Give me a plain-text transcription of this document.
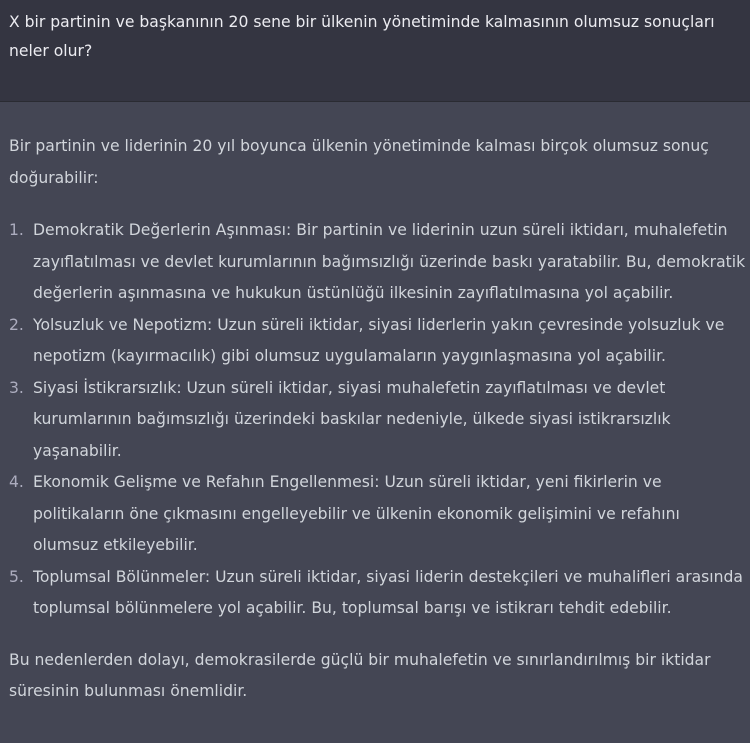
X bir partinin ve başkanının 20 sene bir ülkenin yönetiminde kalmasının olumsuz sonuçları neler olur?

Bir partinin ve liderinin 20 yıl boyunca ülkenin yönetiminde kalması birçok olumsuz sonuç doğurabilir:

1. Demokratik Değerlerin Aşınması: Bir partinin ve liderinin uzun süreli iktidarı, muhalefetin zayıflatılması ve devlet kurumlarının bağımsızlığı üzerinde baskı yaratabilir. Bu, demokratik değerlerin aşınmasına ve hukukun üstünlüğü ilkesinin zayıflatılmasına yol açabilir.
2. Yolsuzluk ve Nepotizm: Uzun süreli iktidar, siyasi liderlerin yakın çevresinde yolsuzluk ve nepotizm (kayırmacılık) gibi olumsuz uygulamaların yaygınlaşmasına yol açabilir.
3. Siyasi İstikrarsızlık: Uzun süreli iktidar, siyasi muhalefetin zayıflatılması ve devlet kurumlarının bağımsızlığı üzerindeki baskılar nedeniyle, ülkede siyasi istikrarsızlık yaşanabilir.
4. Ekonomik Gelişme ve Refahın Engellenmesi: Uzun süreli iktidar, yeni fikirlerin ve politikaların öne çıkmasını engelleyebilir ve ülkenin ekonomik gelişimini ve refahını olumsuz etkileyebilir.
5. Toplumsal Bölünmeler: Uzun süreli iktidar, siyasi liderin destekçileri ve muhalifleri arasında toplumsal bölünmelere yol açabilir. Bu, toplumsal barışı ve istikrarı tehdit edebilir.

Bu nedenlerden dolayı, demokrasilerde güçlü bir muhalefetin ve sınırlandırılmış bir iktidar süresinin bulunması önemlidir.
